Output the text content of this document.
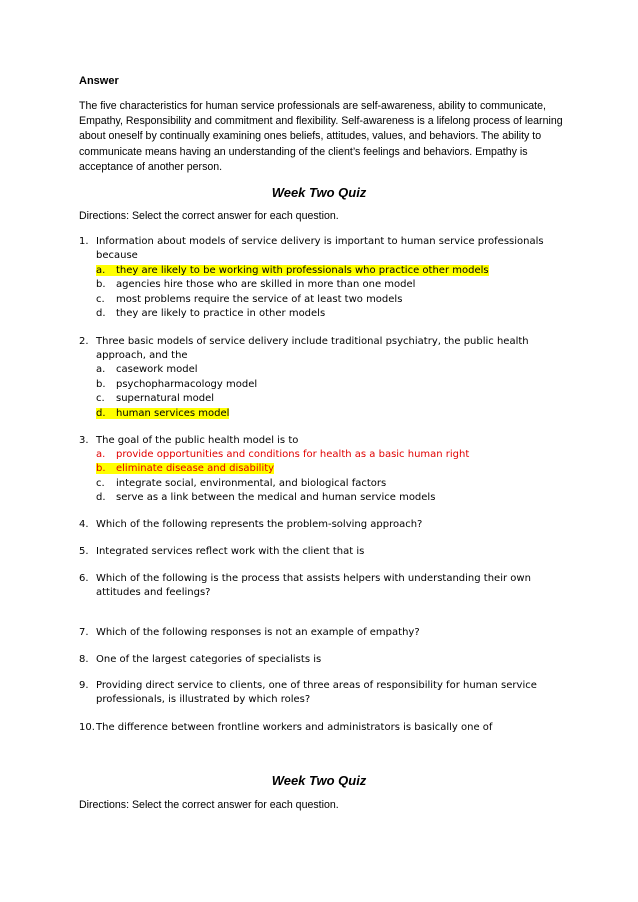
Answer
The five characteristics for human service professionals are self-awareness, ability to communicate, Empathy, Responsibility and commitment and flexibility. Self-awareness is a lifelong process of learning about oneself by continually examining ones beliefs, attitudes, values, and behaviors. The ability to communicate means having an understanding of the client’s feelings and behaviors. Empathy is acceptance of another person.
Week Two Quiz
Directions: Select the correct answer for each question.
1. Information about models of service delivery is important to human service professionals because
a. they are likely to be working with professionals who practice other models
b. agencies hire those who are skilled in more than one model
c. most problems require the service of at least two models
d. they are likely to practice in other models
2. Three basic models of service delivery include traditional psychiatry, the public health approach, and the
a. casework model
b. psychopharmacology model
c. supernatural model
d. human services model
3. The goal of the public health model is to
a. provide opportunities and conditions for health as a basic human right
b. eliminate disease and disability
c. integrate social, environmental, and biological factors
d. serve as a link between the medical and human service models
4. Which of the following represents the problem-solving approach?
5. Integrated services reflect work with the client that is
6. Which of the following is the process that assists helpers with understanding their own attitudes and feelings?
7. Which of the following responses is not an example of empathy?
8. One of the largest categories of specialists is
9. Providing direct service to clients, one of three areas of responsibility for human service professionals, is illustrated by which roles?
10. The difference between frontline workers and administrators is basically one of
Week Two Quiz
Directions: Select the correct answer for each question.
